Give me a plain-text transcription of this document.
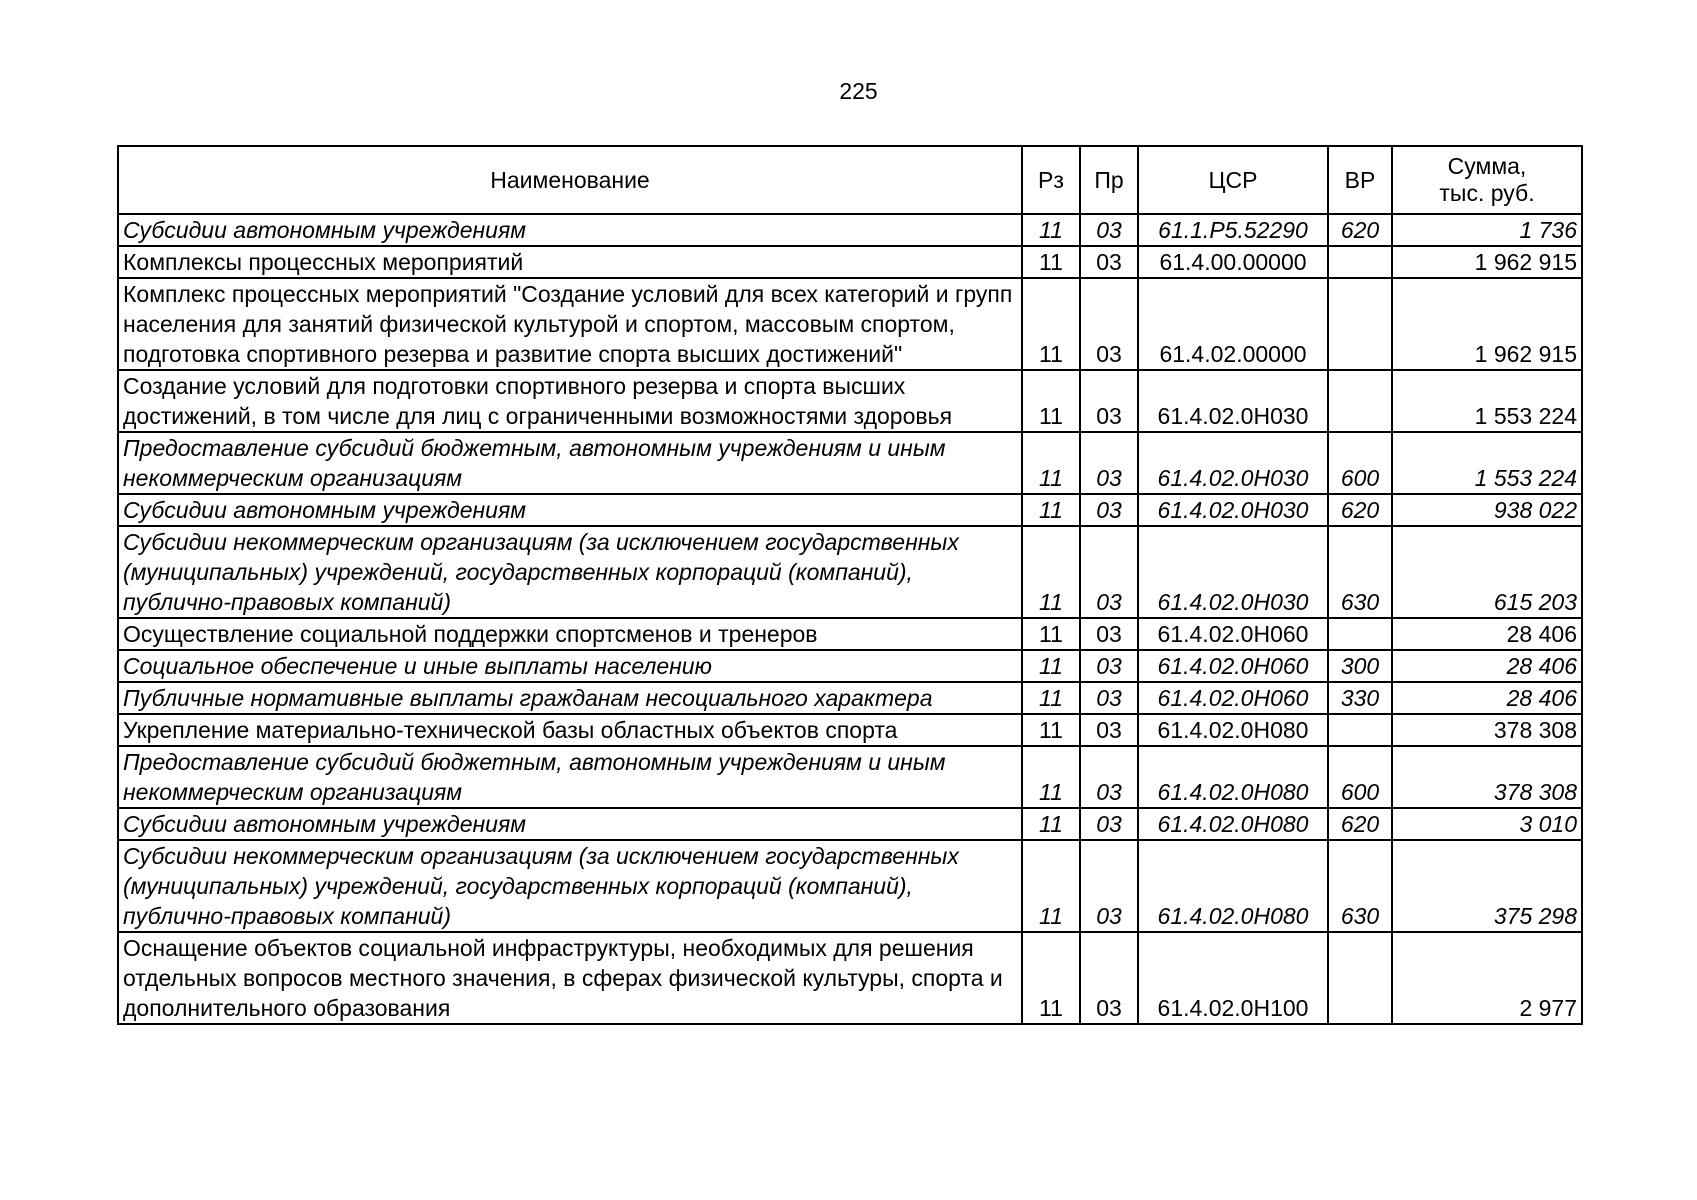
225
Наименование	Рз	Пр	ЦСР	ВР	Сумма,
тыс. руб.
Субсидии автономным учреждениям	11	03	61.1.Р5.52290	620	1 736
Комплексы процессных мероприятий	11	03	61.4.00.00000		1 962 915
Комплекс процессных мероприятий "Создание условий для всех категорий и групп населения для занятий физической культурой и спортом, массовым спортом, подготовка спортивного резерва и развитие спорта высших достижений"	11	03	61.4.02.00000		1 962 915
Создание условий для подготовки спортивного резерва и спорта высших достижений, в том числе для лиц с ограниченными возможностями здоровья	11	03	61.4.02.0Н030		1 553 224
Предоставление субсидий бюджетным, автономным учреждениям и иным некоммерческим организациям	11	03	61.4.02.0Н030	600	1 553 224
Субсидии автономным учреждениям	11	03	61.4.02.0Н030	620	938 022
Субсидии некоммерческим организациям (за исключением государственных (муниципальных) учреждений, государственных корпораций (компаний), публично-правовых компаний)	11	03	61.4.02.0Н030	630	615 203
Осуществление социальной поддержки спортсменов и тренеров	11	03	61.4.02.0Н060		28 406
Социальное обеспечение и иные выплаты населению	11	03	61.4.02.0Н060	300	28 406
Публичные нормативные выплаты гражданам несоциального характера	11	03	61.4.02.0Н060	330	28 406
Укрепление материально-технической базы областных объектов спорта	11	03	61.4.02.0Н080		378 308
Предоставление субсидий бюджетным, автономным учреждениям и иным некоммерческим организациям	11	03	61.4.02.0Н080	600	378 308
Субсидии автономным учреждениям	11	03	61.4.02.0Н080	620	3 010
Субсидии некоммерческим организациям (за исключением государственных (муниципальных) учреждений, государственных корпораций (компаний), публично-правовых компаний)	11	03	61.4.02.0Н080	630	375 298
Оснащение объектов социальной инфраструктуры, необходимых для решения отдельных вопросов местного значения, в сферах физической культуры, спорта и дополнительного образования	11	03	61.4.02.0Н100		2 977
